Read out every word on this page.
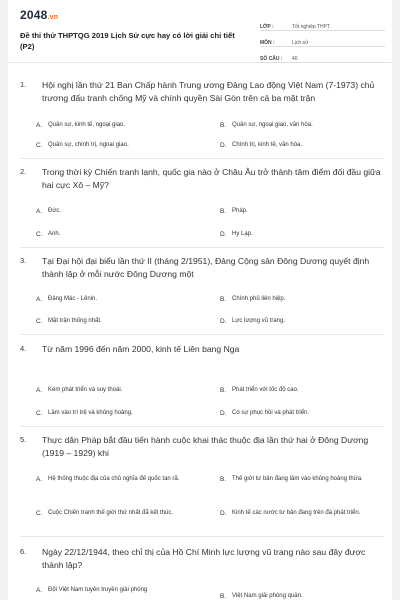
2048.vn
Đề thi thử THPTQG 2019 Lịch Sử cực hay có lời giải chi tiết (P2)
LỚP :	Tốt nghiệp THPT
MÔN :	Lịch sử
SỐ CÂU :	40
1. Hội nghị lần thứ 21 Ban Chấp hành Trung ương Đảng Lao động Việt Nam (7-1973) chủ trương đấu tranh chống Mỹ và chính quyền Sài Gòn trên cả ba mặt trận
A. Quân sự, kinh tế, ngoại giao.	B. Quân sự, ngoại giao, văn hóa.
C. Quân sự, chính trị, ngoại giao.	D. Chính trị, kinh tế, văn hóa.
2. Trong thời kỳ Chiến tranh lạnh, quốc gia nào ở Châu Âu trở thành tâm điểm đối đầu giữa hai cực Xô – Mỹ?
A. Đức.	B. Pháp.
C. Anh.	D. Hy Lạp.
3. Tại Đại hội đại biểu lần thứ II (tháng 2/1951), Đảng Cộng sản Đông Dương quyết định thành lập ở mỗi nước Đông Dương một
A. Đảng Mác - Lênin.	B. Chính phủ liên hiệp.
C. Mặt trận thống nhất.	D. Lực lượng vũ trang.
4. Từ năm 1996 đến năm 2000, kinh tế Liên bang Nga
A. Kém phát triển và suy thoái.	B. Phát triển với tốc độ cao.
C. Lâm vào trì trệ và khủng hoảng.	D. Có sự phục hồi và phát triển.
5. Thực dân Pháp bắt đầu tiến hành cuộc khai thác thuộc địa lần thứ hai ở Đông Dương (1919 – 1929) khi
A. Hệ thống thuộc địa của chủ nghĩa đế quốc tan rã.	B. Thế giới tư bản đang lâm vào khủng hoảng thừa.
C. Cuộc Chiến tranh thế giới thứ nhất đã kết thúc.	D. Kinh tế các nước tư bản đang trên đà phát triển.
6. Ngày 22/12/1944, theo chỉ thị của Hồ Chí Minh lực lượng vũ trang nào sau đây được thành lập?
A. Đội Việt Nam tuyên truyền giải phóng
B. Việt Nam giải phóng quân.
